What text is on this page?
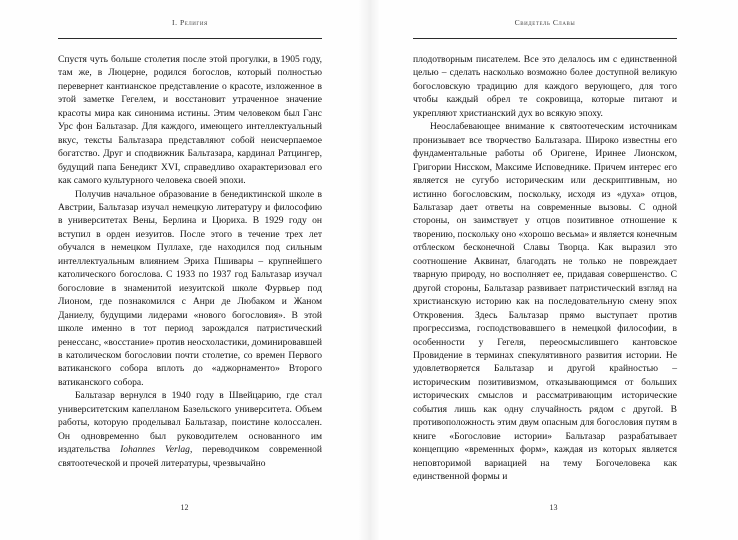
I. Религия

Спустя чуть больше столетия после этой прогулки, в 1905 году, там же, в Люцерне, родился богослов, который полностью перевернет кантианское представление о красоте, изложенное в этой заметке Гегелем, и восстановит утраченное значение красоты мира как синонима истины. Этим человеком был Ганс Урс фон Бальтазар. Для каждого, имеющего интеллектуальный вкус, тексты Бальтазара представляют собой неисчерпаемое богатство. Друг и сподвижник Бальтазара, кардинал Ратцингер, будущий папа Бенедикт XVI, справедливо охарактеризовал его как самого культурного человека своей эпохи.

Получив начальное образование в бенедиктинской школе в Австрии, Бальтазар изучал немецкую литературу и философию в университетах Вены, Берлина и Цюриха. В 1929 году он вступил в орден иезуитов. После этого в течение трех лет обучался в немецком Пуллахе, где находился под сильным интеллектуальным влиянием Эриха Пшивары – крупнейшего католического богослова. С 1933 по 1937 год Бальтазар изучал богословие в знаменитой иезуитской школе Фурвьер под Лионом, где познакомился с Анри де Любаком и Жаном Даниелу, будущими лидерами «нового богословия». В этой школе именно в тот период зарождался патристический ренессанс, «восстание» против неосхоластики, доминировавшей в католическом богословии почти столетие, со времен Первого ватиканского собора вплоть до «аджорнаменто» Второго ватиканского собора.

Бальтазар вернулся в 1940 году в Швейцарию, где стал университетским капелланом Базельского университета. Объем работы, которую проделывал Бальтазар, поистине колоссален. Он одновременно был руководителем основанного им издательства Iohannes Verlag, переводчиком современной святоотеческой и прочей литературы, чрезвычайно

12
Свидетель Славы

плодотворным писателем. Все это делалось им с единственной целью – сделать насколько возможно более доступной великую богословскую традицию для каждого верующего, для того чтобы каждый обрел те сокровища, которые питают и укрепляют христианский дух во всякую эпоху.

Неослабевающее внимание к святоотеческим источникам пронизывает все творчество Бальтазара. Широко известны его фундаментальные работы об Оригене, Иринее Лионском, Григории Нисском, Максиме Исповеднике. Причем интерес его является не сугубо историческим или дескриптивным, но истинно богословским, поскольку, исходя из «духа» отцов, Бальтазар дает ответы на современные вызовы. С одной стороны, он заимствует у отцов позитивное отношение к творению, поскольку оно «хорошо весьма» и является конечным отблеском бесконечной Славы Творца. Как выразил это соотношение Аквинат, благодать не только не повреждает тварную природу, но восполняет ее, придавая совершенство. С другой стороны, Бальтазар развивает патристический взгляд на христианскую историю как на последовательную смену эпох Откровения. Здесь Бальтазар прямо выступает против прогрессизма, господствовавшего в немецкой философии, в особенности у Гегеля, переосмыслившего кантовское Провидение в терминах спекулятивного развития истории. Не удовлетворяется Бальтазар и другой крайностью – историческим позитивизмом, отказывающимся от больших исторических смыслов и рассматривающим исторические события лишь как одну случайность рядом с другой. В противоположность этим двум опасным для богословия путям в книге «Богословие истории» Бальтазар разрабатывает концепцию «временных форм», каждая из которых является неповторимой вариацией на тему Богочеловека как единственной формы и

13
